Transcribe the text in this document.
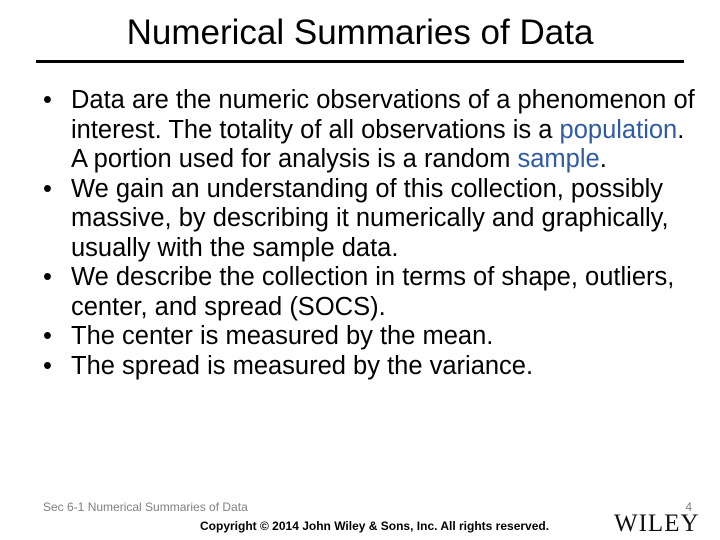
Numerical Summaries of Data
• Data are the numeric observations of a phenomenon of interest. The totality of all observations is a population. A portion used for analysis is a random sample.
• We gain an understanding of this collection, possibly massive, by describing it numerically and graphically, usually with the sample data.
• We describe the collection in terms of shape, outliers, center, and spread (SOCS).
• The center is measured by the mean.
• The spread is measured by the variance.
Sec 6-1 Numerical Summaries of Data	4
Copyright © 2014 John Wiley & Sons, Inc. All rights reserved.	WILEY
